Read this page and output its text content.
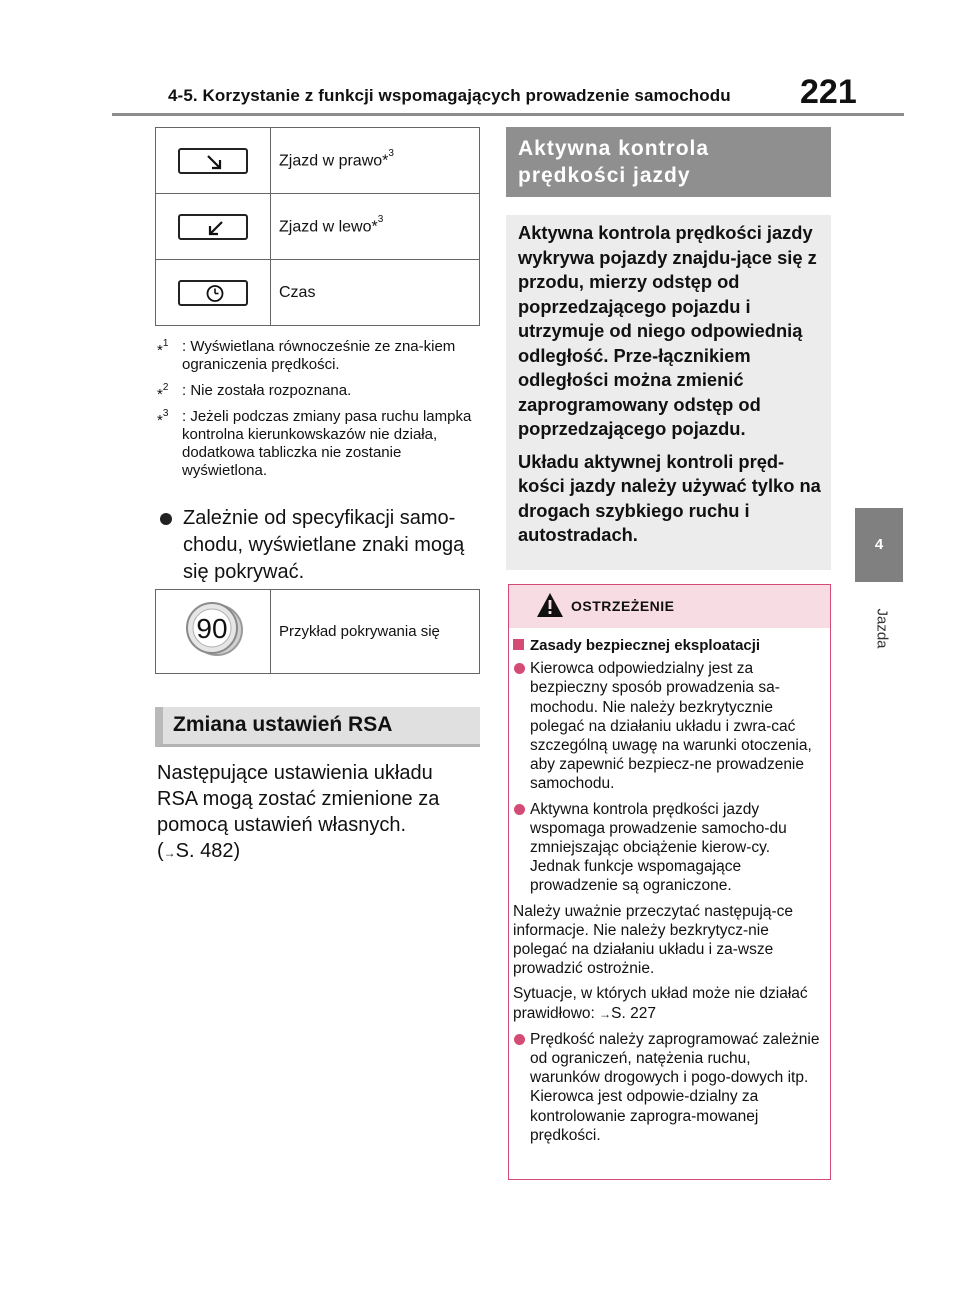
4-5. Korzystanie z funkcji wspomagających prowadzenie samochodu 221
4
Jazda
	Zjazd w prawo*$^3$

	Zjazd w lewo*$^3$

	Czas
*$^1$ : Wyświetlana równocześnie ze zna-kiem ograniczenia prędkości.
*$^2$ : Nie została rozpoznana.
*$^3$ : Jeżeli podczas zmiany pasa ruchu lampka kontrolna kierunkowskazów nie działa, dodatkowa tabliczka nie zostanie wyświetlona.
Zależnie od specyfikacji samo-chodu, wyświetlane znaki mogą się pokrywać.
90	Przykład pokrywania się
Zmiana ustawień RSA
Następujące ustawienia układu RSA mogą zostać zmienione za pomocą ustawień własnych.
(→S. 482)
Aktywna kontrola
prędkości jazdy

Aktywna kontrola prędkości jazdy wykrywa pojazdy znajdu-jące się z przodu, mierzy odstęp od poprzedzającego pojazdu i utrzymuje od niego odpowiednią odległość. Prze-łącznikiem odległości można zmienić zaprogramowany odstęp od poprzedzającego pojazdu.

Układu aktywnej kontroli pręd-kości jazdy należy używać tylko na drogach szybkiego ruchu i autostradach.

OSTRZEŻENIE
Zasady bezpiecznej eksploatacji
Kierowca odpowiedzialny jest za bezpieczny sposób prowadzenia sa-mochodu. Nie należy bezkrytycznie polegać na działaniu układu i zwra-cać szczególną uwagę na warunki otoczenia, aby zapewnić bezpiecz-ne prowadzenie samochodu.
Aktywna kontrola prędkości jazdy wspomaga prowadzenie samocho-du zmniejszając obciążenie kierow-cy. Jednak funkcje wspomagające prowadzenie są ograniczone.
Należy uważnie przeczytać następują-ce informacje. Nie należy bezkrytycz-nie polegać na działaniu układu i za-wsze prowadzić ostrożnie.
Sytuacje, w których układ może nie działać prawidłowo: →S. 227
Prędkość należy zaprogramować zależnie od ograniczeń, natężenia ruchu, warunków drogowych i pogo-dowych itp. Kierowca jest odpowie-dzialny za kontrolowanie zaprogra-mowanej prędkości.
